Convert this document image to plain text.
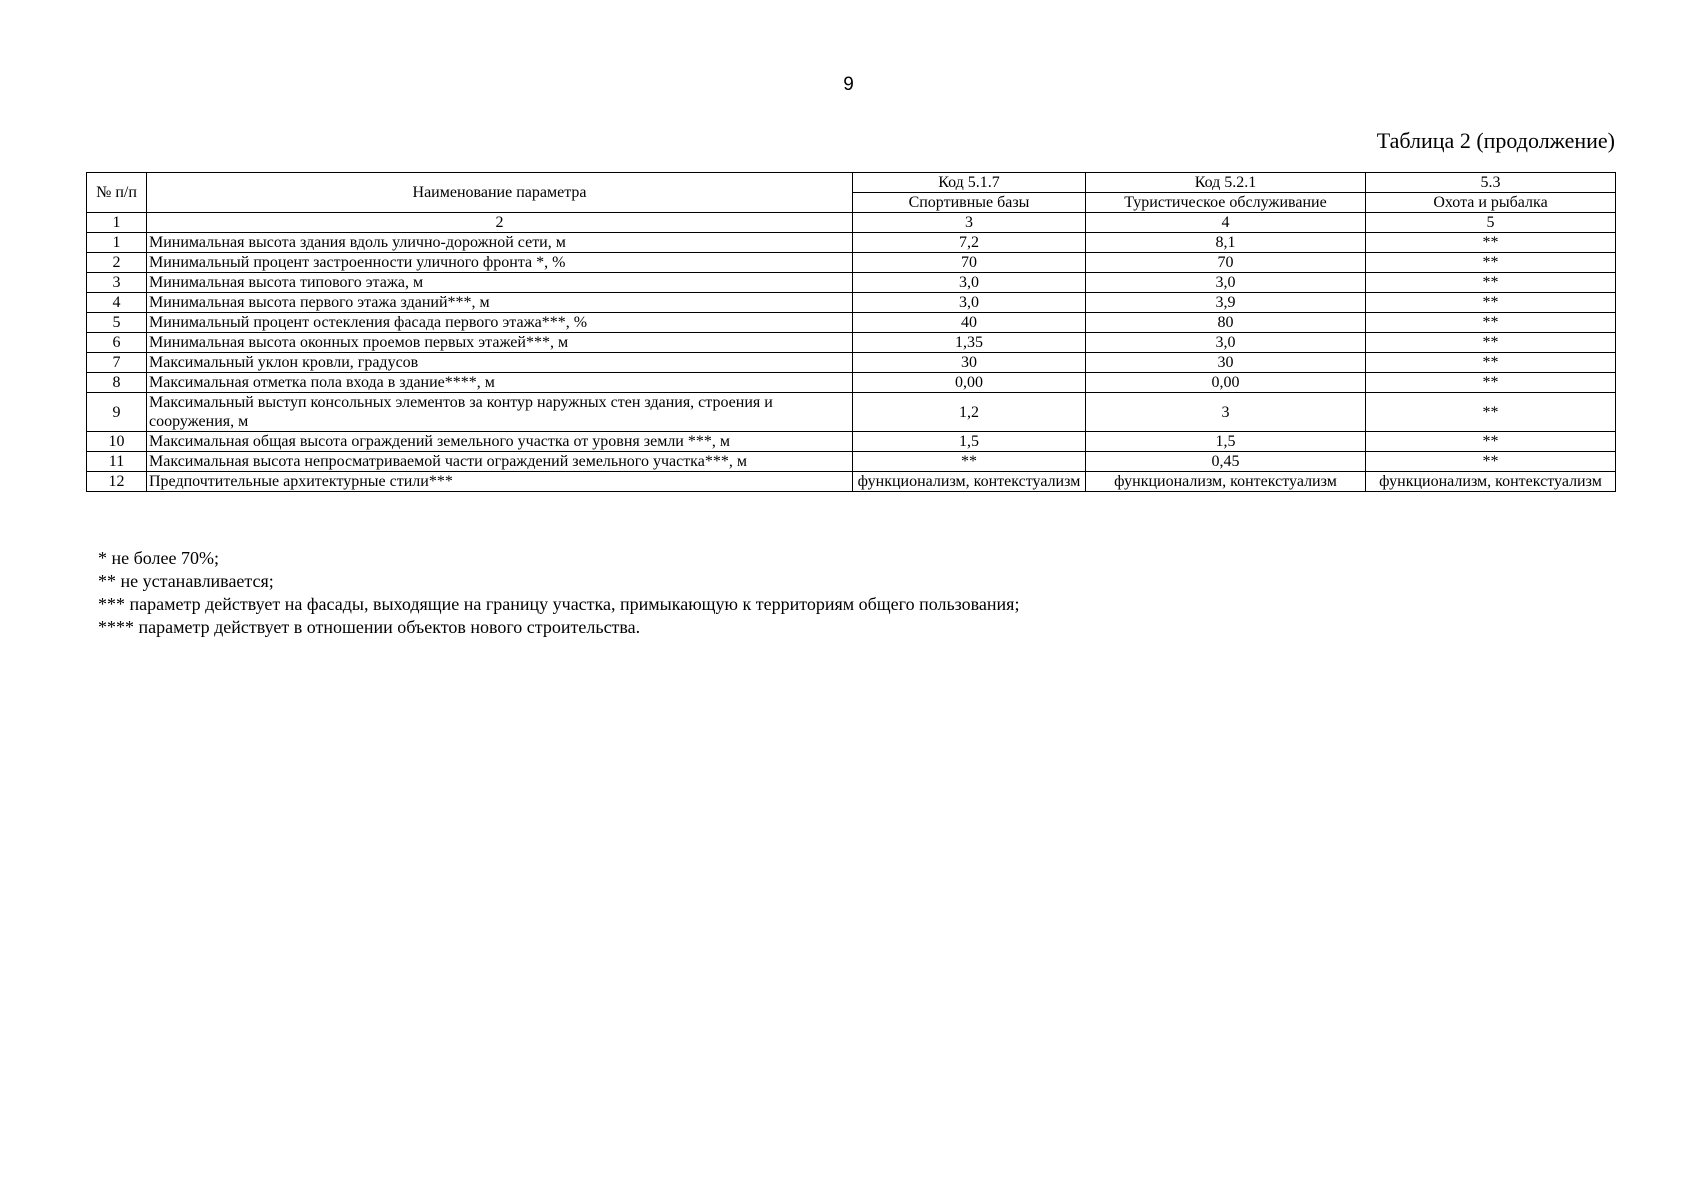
9
Таблица 2 (продолжение)
№ п/п	Наименование параметра	Код 5.1.7	Код 5.2.1	5.3
		Спортивные базы	Туристическое обслуживание	Охота и рыбалка
1	2	3	4	5
1	Минимальная высота здания вдоль улично-дорожной сети, м	7,2	8,1	**
2	Минимальный процент застроенности уличного фронта *, %	70	70	**
3	Минимальная высота типового этажа, м	3,0	3,0	**
4	Минимальная высота первого этажа зданий***, м	3,0	3,9	**
5	Минимальный процент остекления фасада первого этажа***, %	40	80	**
6	Минимальная высота оконных проемов первых этажей***, м	1,35	3,0	**
7	Максимальный уклон кровли, градусов	30	30	**
8	Максимальная отметка пола входа в здание****, м	0,00	0,00	**
9	Максимальный выступ консольных элементов за контур наружных стен здания, строения и сооружения, м	1,2	3	**
10	Максимальная общая высота ограждений земельного участка от уровня земли ***, м	1,5	1,5	**
11	Максимальная высота непросматриваемой части ограждений земельного участка***, м	**	0,45	**
12	Предпочтительные архитектурные стили***	функционализм, контекстуализм	функционализм, контекстуализм	функционализм, контекстуализм
* не более 70%;
** не устанавливается;
*** параметр действует на фасады, выходящие на границу участка, примыкающую к территориям общего пользования;
**** параметр действует в отношении объектов нового строительства.
